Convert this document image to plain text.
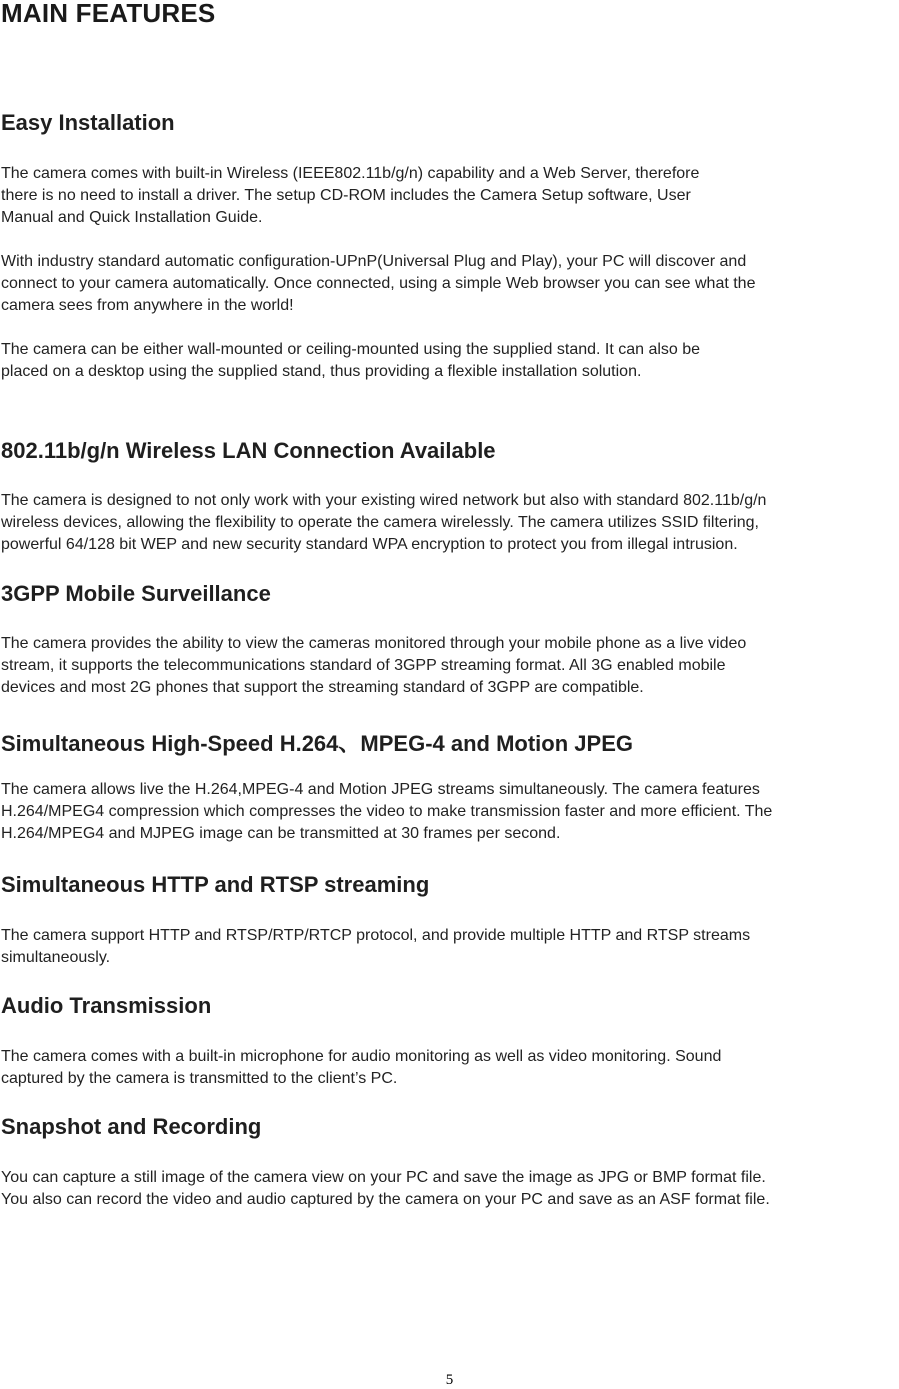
MAIN FEATURES
Easy Installation

The camera comes with built-in Wireless (IEEE802.11b/g/n) capability and a Web Server, therefore
there is no need to install a driver. The setup CD-ROM includes the Camera Setup software, User
Manual and Quick Installation Guide.

With industry standard automatic configuration-UPnP(Universal Plug and Play), your PC will discover and
connect to your camera automatically. Once connected, using a simple Web browser you can see what the
camera sees from anywhere in the world!

The camera can be either wall-mounted or ceiling-mounted using the supplied stand. It can also be
placed on a desktop using the supplied stand, thus providing a flexible installation solution.

802.11b/g/n Wireless LAN Connection Available

The camera is designed to not only work with your existing wired network but also with standard 802.11b/g/n
wireless devices, allowing the flexibility to operate the camera wirelessly. The camera utilizes SSID filtering,
powerful 64/128 bit WEP and new security standard WPA encryption to protect you from illegal intrusion.

3GPP Mobile Surveillance

The camera provides the ability to view the cameras monitored through your mobile phone as a live video
stream, it supports the telecommunications standard of 3GPP streaming format. All 3G enabled mobile
devices and most 2G phones that support the streaming standard of 3GPP are compatible.

Simultaneous High-Speed H.264、MPEG-4 and Motion JPEG

The camera allows live the H.264,MPEG-4 and Motion JPEG streams simultaneously. The camera features
H.264/MPEG4 compression which compresses the video to make transmission faster and more efficient. The
H.264/MPEG4 and MJPEG image can be transmitted at 30 frames per second.

Simultaneous HTTP and RTSP streaming

The camera support HTTP and RTSP/RTP/RTCP protocol, and provide multiple HTTP and RTSP streams
simultaneously.

Audio Transmission

The camera comes with a built-in microphone for audio monitoring as well as video monitoring. Sound
captured by the camera is transmitted to the client’s PC.

Snapshot and Recording

You can capture a still image of the camera view on your PC and save the image as JPG or BMP format file.
You also can record the video and audio captured by the camera on your PC and save as an ASF format file.

5
